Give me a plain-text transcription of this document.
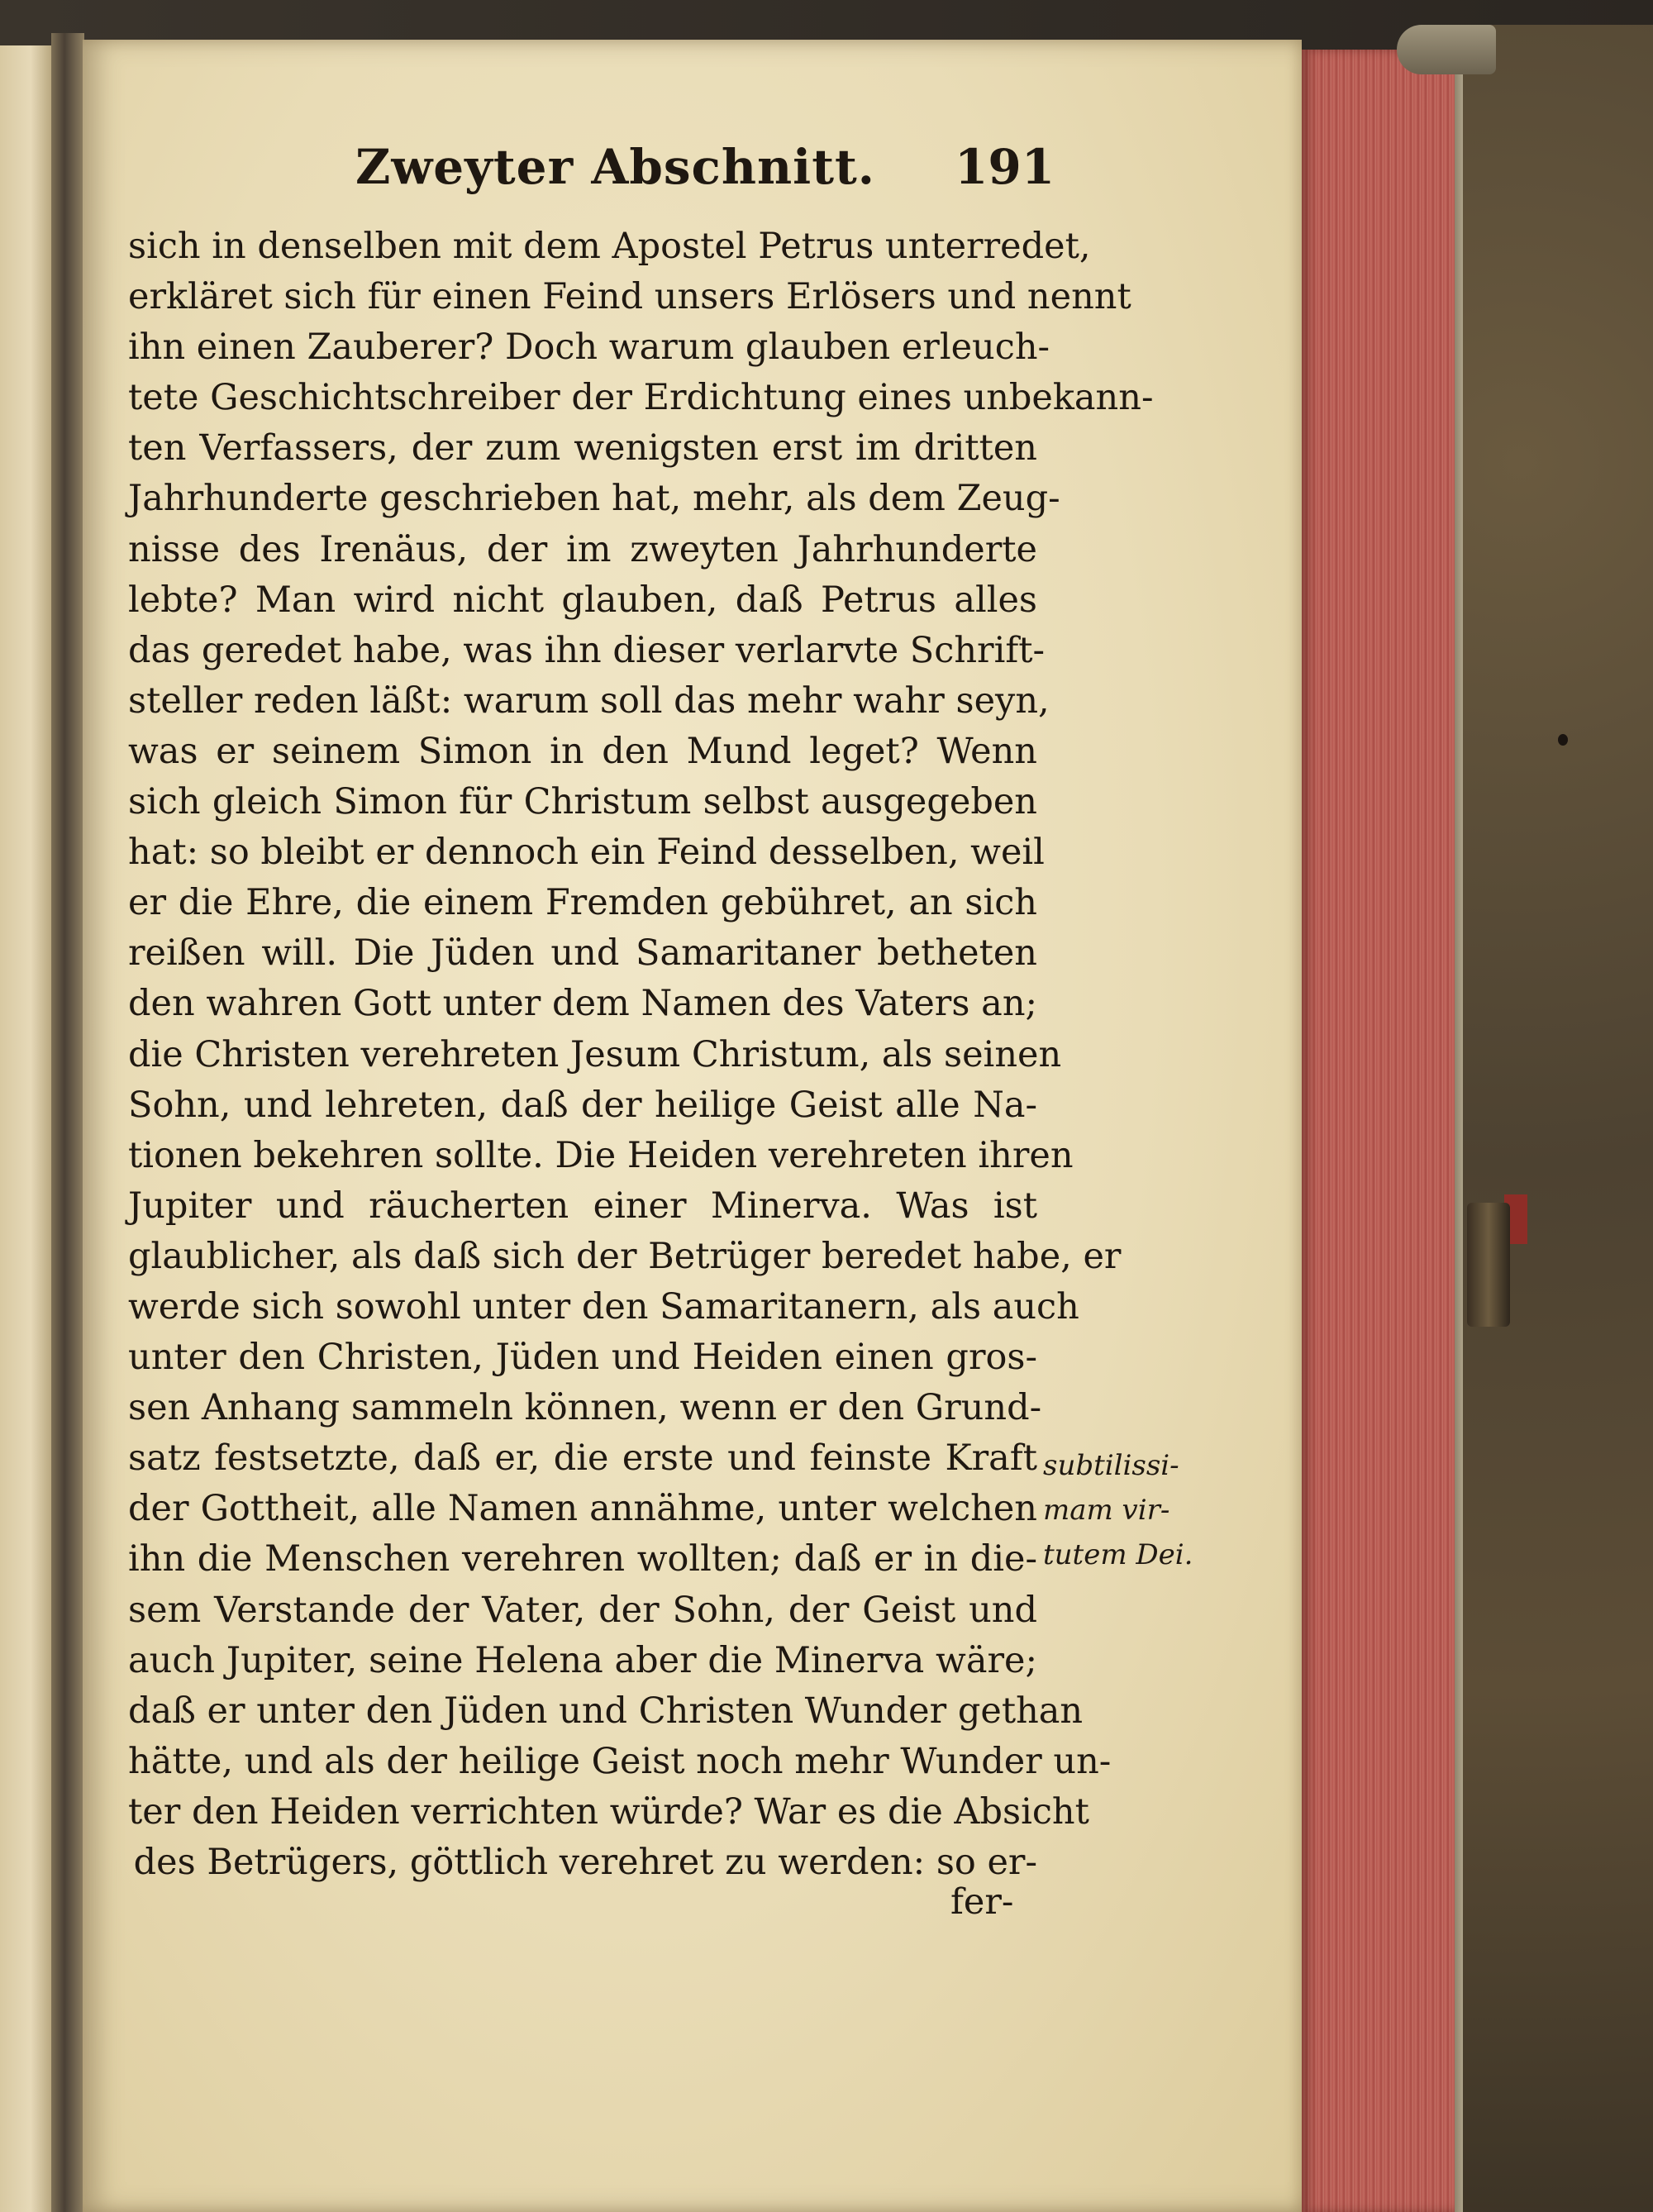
Zweyter Abschnitt. 191
sich in denselben mit dem Apostel Petrus unterredet,
erkläret sich für einen Feind unsers Erlösers und nennt
ihn einen Zauberer? Doch warum glauben erleuch-
tete Geschichtschreiber der Erdichtung eines unbekann-
ten Verfassers, der zum wenigsten erst im dritten
Jahrhunderte geschrieben hat, mehr, als dem Zeug-
nisse des Irenäus, der im zweyten Jahrhunderte
lebte? Man wird nicht glauben, daß Petrus alles
das geredet habe, was ihn dieser verlarvte Schrift-
steller reden läßt: warum soll das mehr wahr seyn,
was er seinem Simon in den Mund leget? Wenn
sich gleich Simon für Christum selbst ausgegeben
hat: so bleibt er dennoch ein Feind desselben, weil
er die Ehre, die einem Fremden gebühret, an sich
reißen will. Die Jüden und Samaritaner betheten
den wahren Gott unter dem Namen des Vaters an;
die Christen verehreten Jesum Christum, als seinen
Sohn, und lehreten, daß der heilige Geist alle Na-
tionen bekehren sollte. Die Heiden verehreten ihren
Jupiter und räucherten einer Minerva. Was ist
glaublicher, als daß sich der Betrüger beredet habe, er
werde sich sowohl unter den Samaritanern, als auch
unter den Christen, Jüden und Heiden einen gros-
sen Anhang sammeln können, wenn er den Grund-
satz festsetzte, daß er, die erste und feinste Kraft
der Gottheit, alle Namen annähme, unter welchen
ihn die Menschen verehren wollten; daß er in die-
sem Verstande der Vater, der Sohn, der Geist und
auch Jupiter, seine Helena aber die Minerva wäre;
daß er unter den Jüden und Christen Wunder gethan
hätte, und als der heilige Geist noch mehr Wunder un-
ter den Heiden verrichten würde? War es die Absicht
des Betrügers, göttlich verehret zu werden: so er-
fer-
subtilissi-
mam vir-
tutem Dei.
